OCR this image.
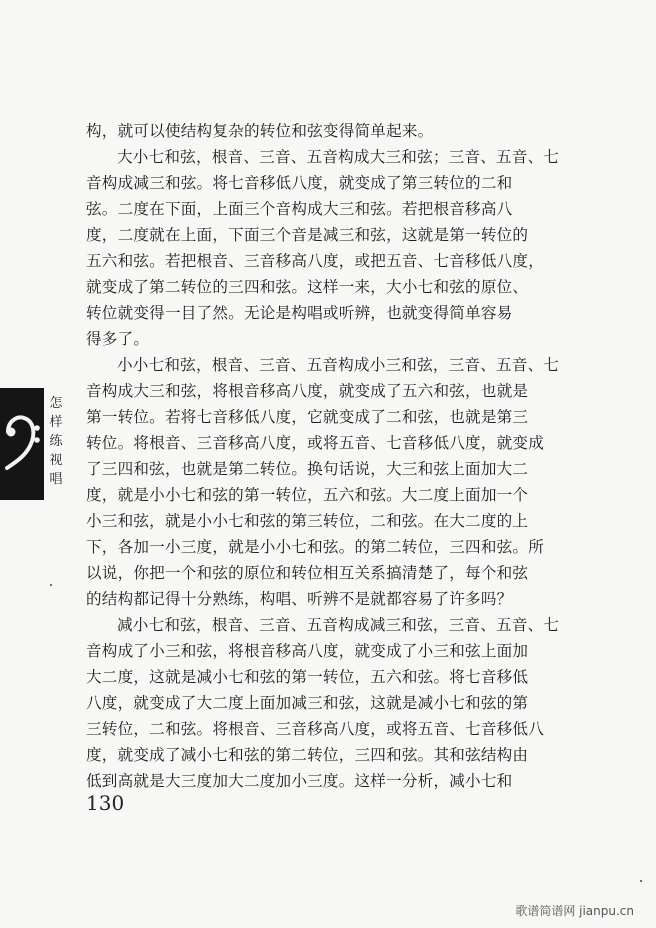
怎
样
练
视
唱
构，就可以使结构复杂的转位和弦变得简单起来。
大小七和弦，根音、三音、五音构成大三和弦；三音、五音、七
音构成减三和弦。将七音移低八度，就变成了第三转位的二和
弦。二度在下面，上面三个音构成大三和弦。若把根音移高八
度，二度就在上面，下面三个音是减三和弦，这就是第一转位的
五六和弦。若把根音、三音移高八度，或把五音、七音移低八度，
就变成了第二转位的三四和弦。这样一来，大小七和弦的原位、
转位就变得一目了然。无论是构唱或听辨，也就变得简单容易
得多了。
小小七和弦，根音、三音、五音构成小三和弦，三音、五音、七
音构成大三和弦，将根音移高八度，就变成了五六和弦，也就是
第一转位。若将七音移低八度，它就变成了二和弦，也就是第三
转位。将根音、三音移高八度，或将五音、七音移低八度，就变成
了三四和弦，也就是第二转位。换句话说，大三和弦上面加大二
度，就是小小七和弦的第一转位，五六和弦。大二度上面加一个
小三和弦，就是小小七和弦的第三转位，二和弦。在大二度的上
下，各加一小三度，就是小小七和弦。的第二转位，三四和弦。所
以说，你把一个和弦的原位和转位相互关系搞清楚了，每个和弦
的结构都记得十分熟练，构唱、听辨不是就都容易了许多吗？
减小七和弦，根音、三音、五音构成减三和弦，三音、五音、七
音构成了小三和弦，将根音移高八度，就变成了小三和弦上面加
大二度，这就是减小七和弦的第一转位，五六和弦。将七音移低
八度，就变成了大二度上面加减三和弦，这就是减小七和弦的第
三转位，二和弦。将根音、三音移高八度，或将五音、七音移低八
度，就变成了减小七和弦的第二转位，三四和弦。其和弦结构由
低到高就是大三度加大二度加小三度。这样一分析，减小七和
130
歌谱简谱网 jianpu.cn
